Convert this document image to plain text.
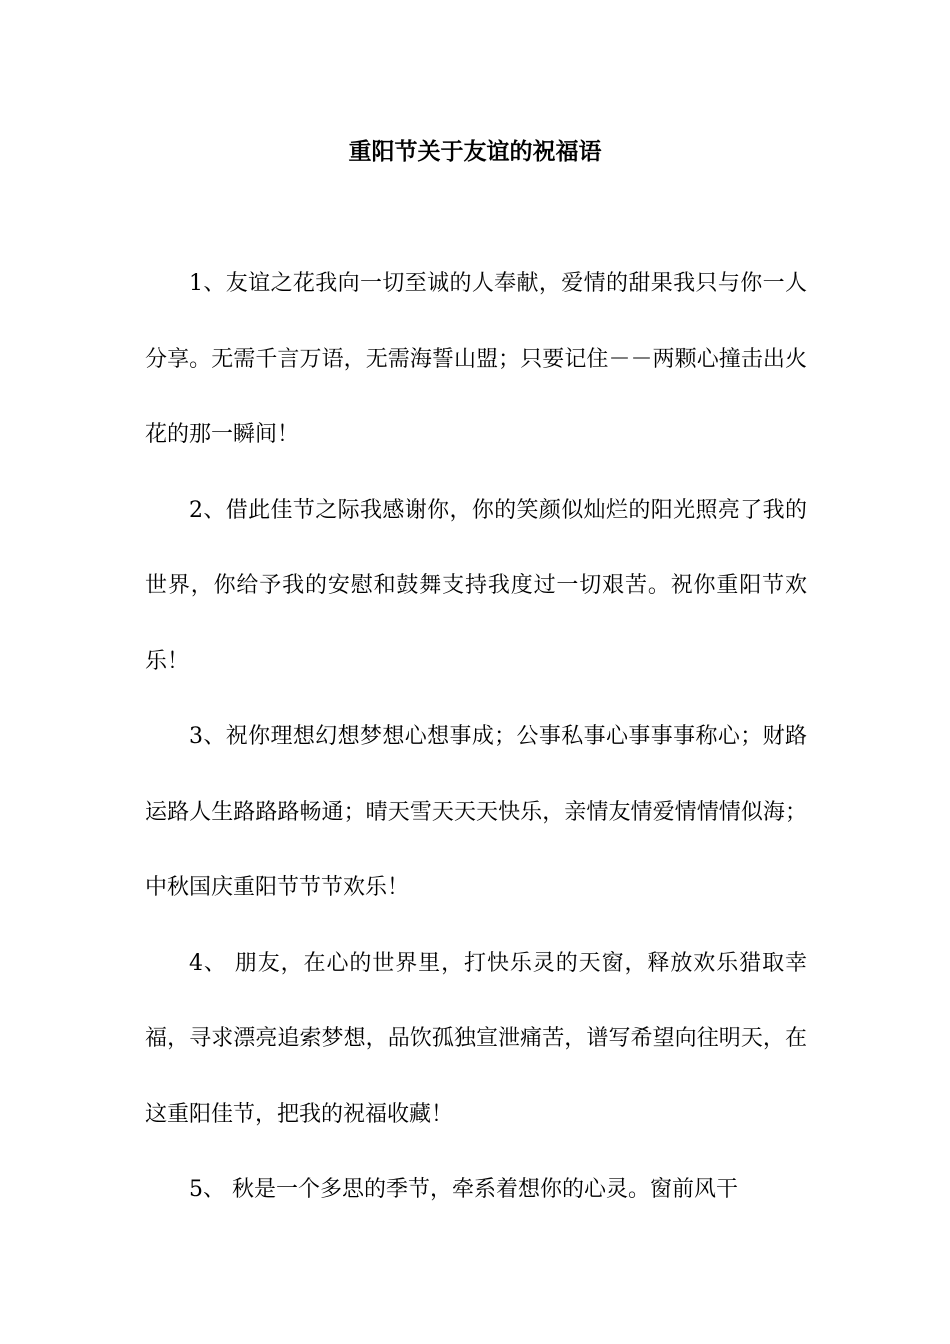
重阳节关于友谊的祝福语

1、友谊之花我向一切至诚的人奉献，爱情的甜果我只与你一人分享。无需千言万语，无需海誓山盟；只要记住－－两颗心撞击出火花的那一瞬间！

2、借此佳节之际我感谢你，你的笑颜似灿烂的阳光照亮了我的世界，你给予我的安慰和鼓舞支持我度过一切艰苦。祝你重阳节欢乐！

3、祝你理想幻想梦想心想事成；公事私事心事事事称心；财路运路人生路路路畅通；晴天雪天天天快乐，亲情友情爱情情情似海；中秋国庆重阳节节节欢乐！

4、 朋友，在心的世界里，打快乐灵的天窗，释放欢乐猎取幸福，寻求漂亮追索梦想，品饮孤独宣泄痛苦，谱写希望向往明天，在这重阳佳节，把我的祝福收藏！

5、 秋是一个多思的季节，牵系着想你的心灵。窗前风干
